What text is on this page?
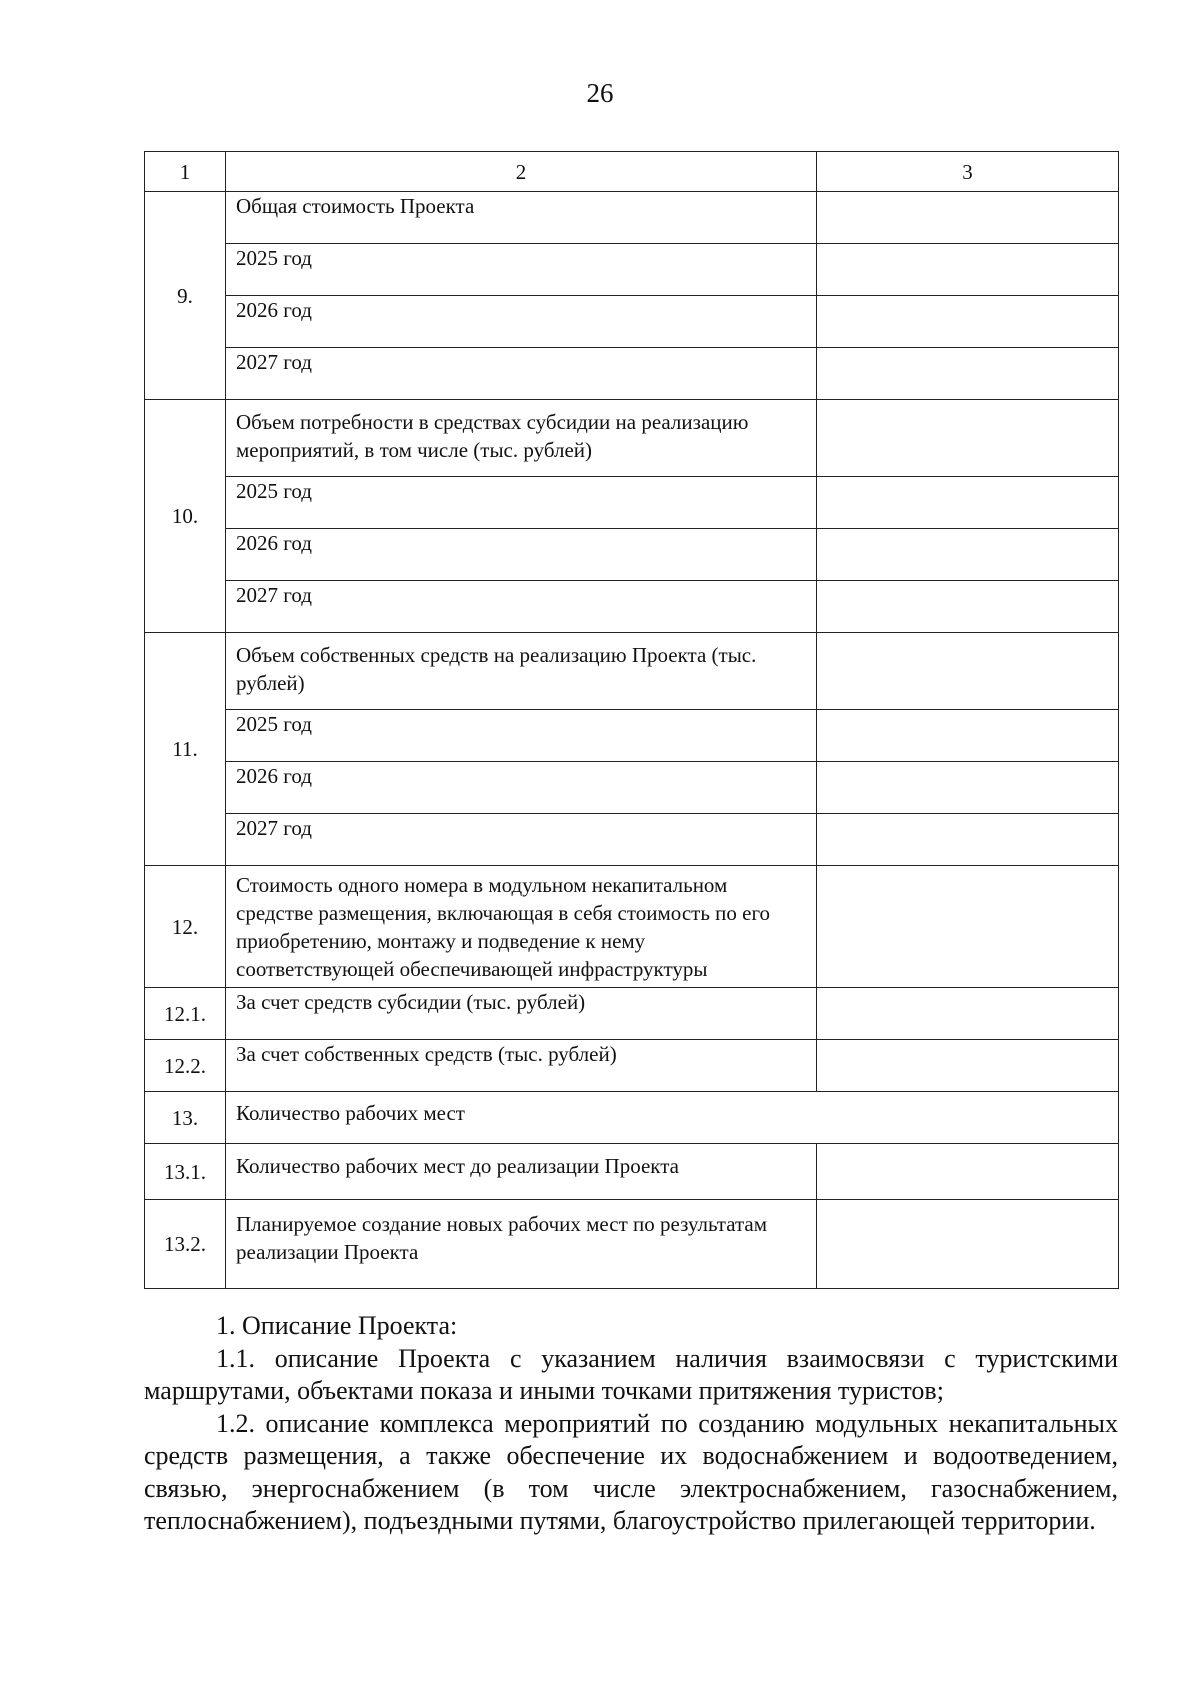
26
1	2	3
9.	Общая стоимость Проекта	
	2025 год	
	2026 год	
	2027 год	
10.	Объем потребности в средствах субсидии на реализацию мероприятий, в том числе (тыс. рублей)	
	2025 год	
	2026 год	
	2027 год	
11.	Объем собственных средств на реализацию Проекта (тыс. рублей)	
	2025 год	
	2026 год	
	2027 год	
12.	Стоимость одного номера в модульном некапитальном средстве размещения, включающая в себя стоимость по его приобретению, монтажу и подведение к нему соответствующей обеспечивающей инфраструктуры	
12.1.	За счет средств субсидии (тыс. рублей)	
12.2.	За счет собственных средств (тыс. рублей)	
13.	Количество рабочих мест	
13.1.	Количество рабочих мест до реализации Проекта	
13.2.	Планируемое создание новых рабочих мест по результатам реализации Проекта	

1. Описание Проекта:

1.1. описание Проекта с указанием наличия взаимосвязи с туристскими маршрутами, объектами показа и иными точками притяжения туристов;

1.2. описание комплекса мероприятий по созданию модульных некапитальных средств размещения, а также обеспечение их водоснабжением и водоотведением, связью, энергоснабжением (в том числе электроснабжением, газоснабжением, теплоснабжением), подъездными путями, благоустройство прилегающей территории.
